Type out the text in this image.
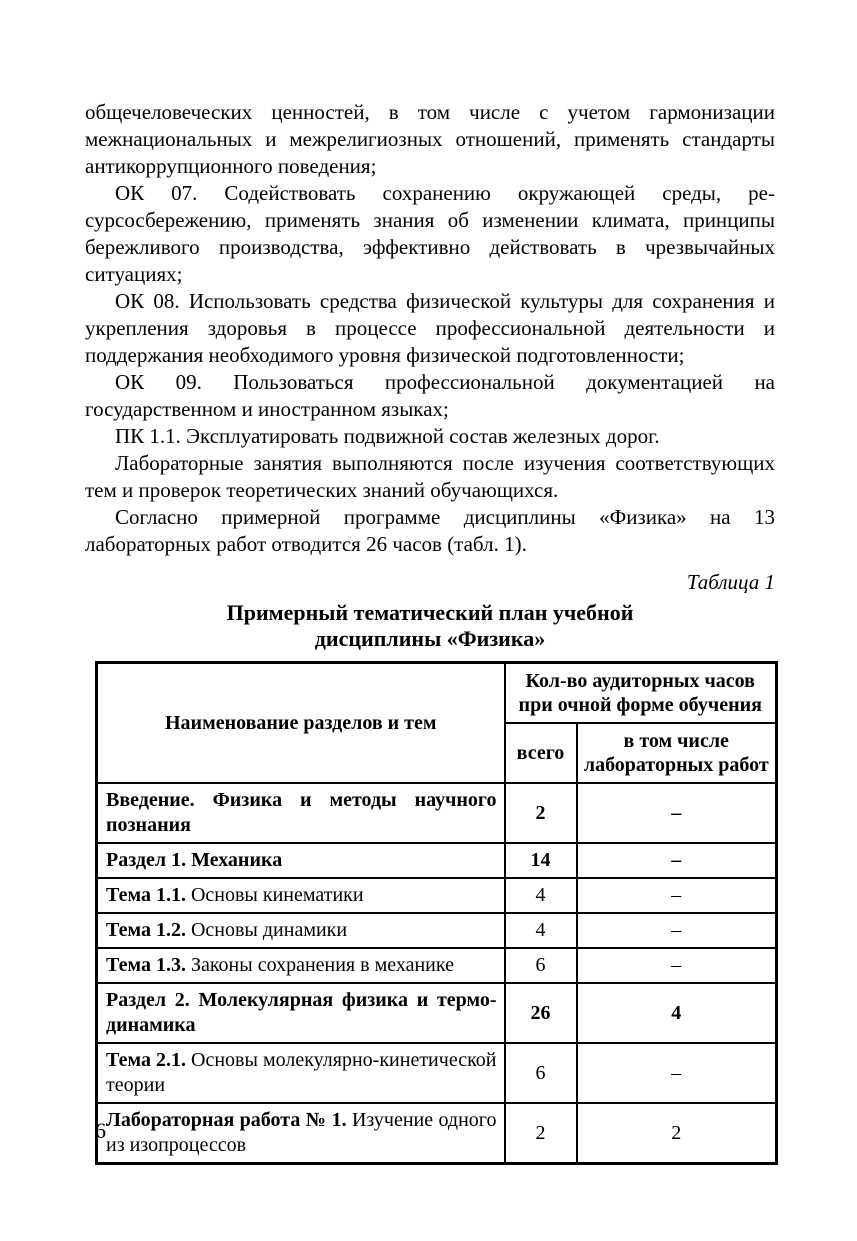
общечеловеческих ценностей, в том числе с учетом гармонизации межнациональных и межрелигиозных отношений, применять стандарты антикоррупционного поведения;

ОК 07. Содействовать сохранению окружающей среды, ресурсосбережению, применять знания об изменении климата, принципы бережливого производства, эффективно действовать в чрезвычайных ситуациях;

ОК 08. Использовать средства физической культуры для сохранения и укрепления здоровья в процессе профессиональной деятельности и поддержания необходимого уровня физической подготовленности;

ОК 09. Пользоваться профессиональной документацией на государственном и иностранном языках;

ПК 1.1. Эксплуатировать подвижной состав железных дорог.

Лабораторные занятия выполняются после изучения соответствующих тем и проверок теоретических знаний обучающихся.

Согласно примерной программе дисциплины «Физика» на 13 лабораторных работ отводится 26 часов (табл. 1).

Таблица 1
Примерный тематический план учебной
дисциплины «Физика»
Наименование разделов и тем	Кол-во аудиторных часов при очной форме обучения	
	всего	в том числе лабораторных работ
Введение. Физика и методы научного познания	2	–
Раздел 1. Механика	14	–
Тема 1.1. Основы кинематики	4	–
Тема 1.2. Основы динамики	4	–
Тема 1.3. Законы сохранения в механике	6	–
Раздел 2. Молекулярная физика и термодинамика	26	4
Тема 2.1. Основы молекулярно-кинетической теории	6	–
Лабораторная работа № 1. Изучение одного из изопроцессов	2	2
6
